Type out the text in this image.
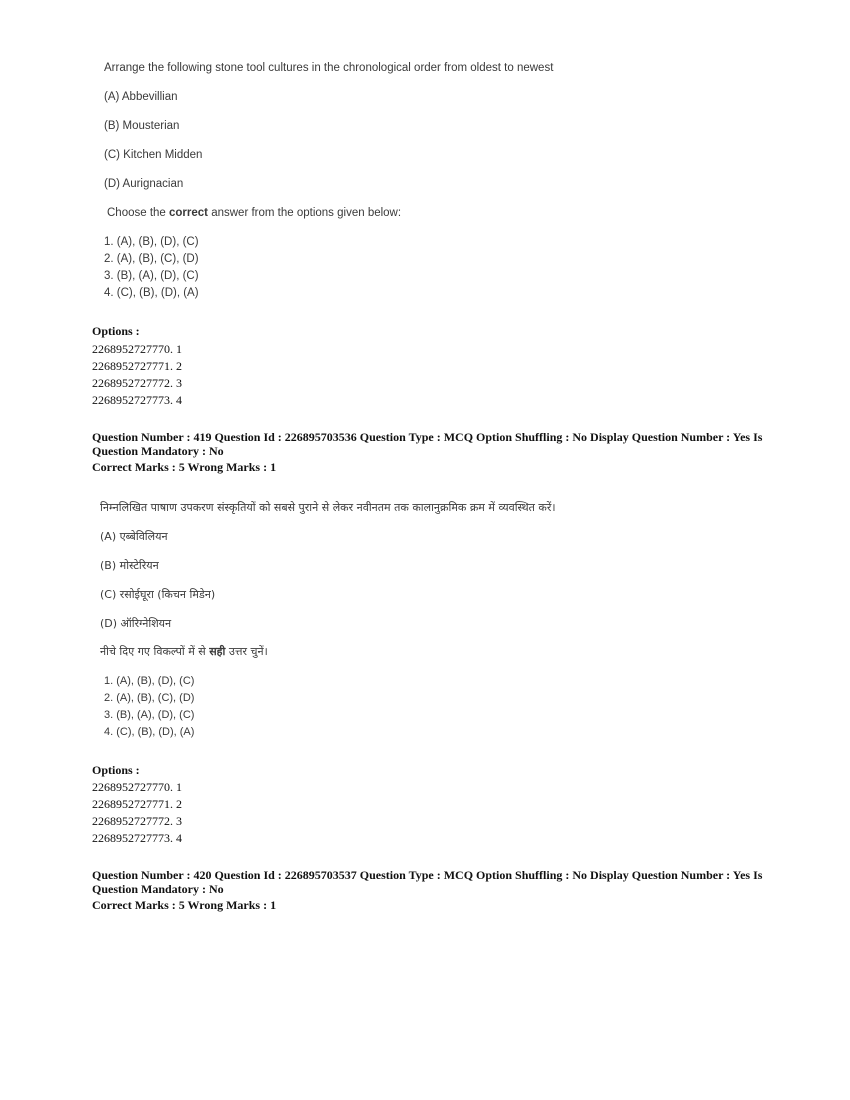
Arrange the following stone tool cultures in the chronological order from oldest to newest
(A) Abbevillian
(B) Mousterian
(C) Kitchen Midden
(D) Aurignacian
Choose the correct answer from the options given below:
1. (A), (B), (D), (C)
2. (A), (B), (C), (D)
3. (B), (A), (D), (C)
4. (C), (B), (D), (A)
Options :
2268952727770. 1
2268952727771. 2
2268952727772. 3
2268952727773. 4
Question Number : 419 Question Id : 226895703536 Question Type : MCQ Option Shuffling : No Display Question Number : Yes Is
Question Mandatory : No
Correct Marks : 5 Wrong Marks : 1
निम्नलिखित पाषाण उपकरण संस्कृतियों को सबसे पुराने से लेकर नवीनतम तक कालानुक्रमिक क्रम में व्यवस्थित करें।
(A) एब्बेविलियन
(B) मोस्टेरियन
(C) रसोईघूरा (किचन मिडेन)
(D) ऑरिग्नेशियन
नीचे दिए गए विकल्पों में से सही उत्तर चुनें।
1. (A), (B), (D), (C)
2. (A), (B), (C), (D)
3. (B), (A), (D), (C)
4. (C), (B), (D), (A)
Options :
2268952727770. 1
2268952727771. 2
2268952727772. 3
2268952727773. 4
Question Number : 420 Question Id : 226895703537 Question Type : MCQ Option Shuffling : No Display Question Number : Yes Is
Question Mandatory : No
Correct Marks : 5 Wrong Marks : 1
